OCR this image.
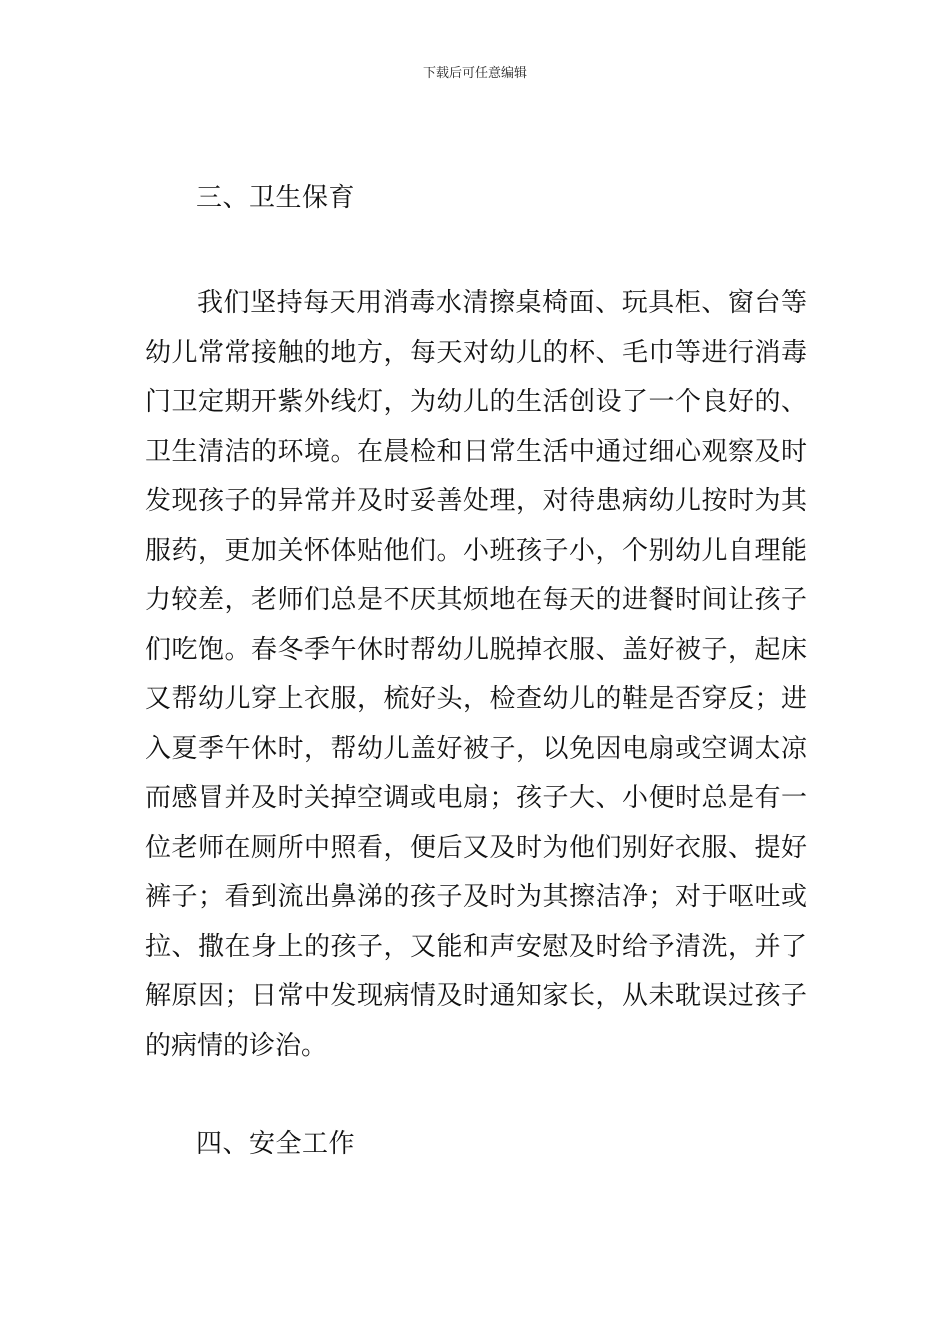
下载后可任意编辑
三、卫生保育

我们坚持每天用消毒水清擦桌椅面、玩具柜、窗台等幼儿常常接触的地方，每天对幼儿的杯、毛巾等进行消毒门卫定期开紫外线灯，为幼儿的生活创设了一个良好的、卫生清洁的环境。在晨检和日常生活中通过细心观察及时发现孩子的异常并及时妥善处理，对待患病幼儿按时为其服药，更加关怀体贴他们。小班孩子小，个别幼儿自理能力较差，老师们总是不厌其烦地在每天的进餐时间让孩子们吃饱。春冬季午休时帮幼儿脱掉衣服、盖好被子，起床又帮幼儿穿上衣服，梳好头，检查幼儿的鞋是否穿反；进入夏季午休时，帮幼儿盖好被子，以免因电扇或空调太凉而感冒并及时关掉空调或电扇；孩子大、小便时总是有一位老师在厕所中照看，便后又及时为他们别好衣服、提好裤子；看到流出鼻涕的孩子及时为其擦洁净；对于呕吐或拉、撒在身上的孩子，又能和声安慰及时给予清洗，并了解原因；日常中发现病情及时通知家长，从未耽误过孩子的病情的诊治。

四、安全工作
